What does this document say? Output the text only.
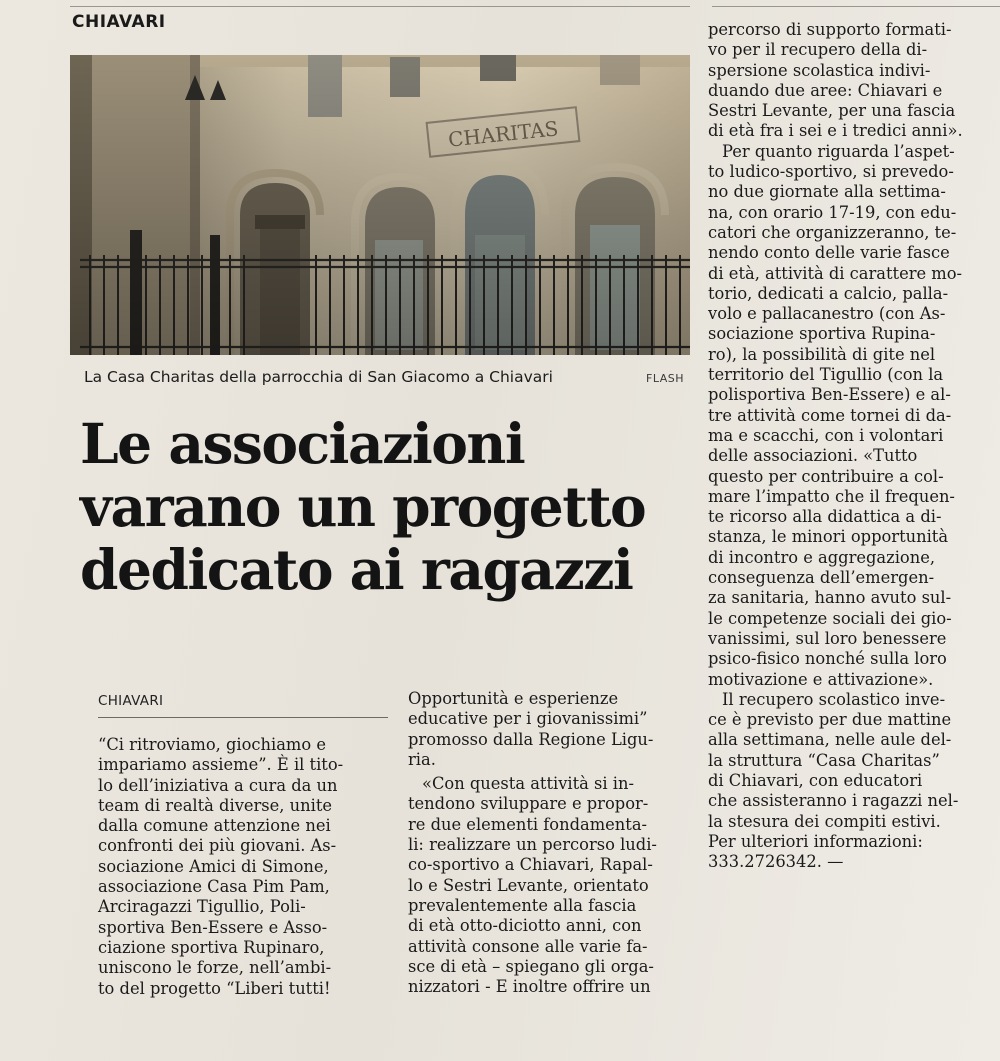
CHIAVARI
La Casa Charitas della parrocchia di San Giacomo a Chiavari	FLASH
Le associazioni
varano un progetto
dedicato ai ragazzi
CHIAVARI
“Ci ritroviamo, giochiamo e
impariamo assieme”. È il tito-
lo dell’iniziativa a cura da un
team di realtà diverse, unite
dalla comune attenzione nei
confronti dei più giovani. As-
sociazione Amici di Simone,
associazione Casa Pim Pam,
Arciragazzi Tigullio, Poli-
sportiva Ben-Essere e Asso-
ciazione sportiva Rupinaro,
uniscono le forze, nell’ambi-
to del progetto “Liberi tutti!
Opportunità e esperienze
educative per i giovanissimi”
promosso dalla Regione Ligu-
ria.
«Con questa attività si in-
tendono sviluppare e propor-
re due elementi fondamenta-
li: realizzare un percorso ludi-
co-sportivo a Chiavari, Rapal-
lo e Sestri Levante, orientato
prevalentemente alla fascia
di età otto-diciotto anni, con
attività consone alle varie fa-
sce di età – spiegano gli orga-
nizzatori - E inoltre offrire un
percorso di supporto formati-
vo per il recupero della di-
spersione scolastica indivi-
duando due aree: Chiavari e
Sestri Levante, per una fascia
di età fra i sei e i tredici anni».
Per quanto riguarda l’aspet-
to ludico-sportivo, si prevedo-
no due giornate alla settima-
na, con orario 17-19, con edu-
catori che organizzeranno, te-
nendo conto delle varie fasce
di età, attività di carattere mo-
torio, dedicati a calcio, palla-
volo e pallacanestro (con As-
sociazione sportiva Rupina-
ro), la possibilità di gite nel
territorio del Tigullio (con la
polisportiva Ben-Essere) e al-
tre attività come tornei di da-
ma e scacchi, con i volontari
delle associazioni. «Tutto
questo per contribuire a col-
mare l’impatto che il frequen-
te ricorso alla didattica a di-
stanza, le minori opportunità
di incontro e aggregazione,
conseguenza dell’emergen-
za sanitaria, hanno avuto sul-
le competenze sociali dei gio-
vanissimi, sul loro benessere
psico-fisico nonché sulla loro
motivazione e attivazione».
Il recupero scolastico inve-
ce è previsto per due mattine
alla settimana, nelle aule del-
la struttura “Casa Charitas”
di Chiavari, con educatori
che assisteranno i ragazzi nel-
la stesura dei compiti estivi.
Per ulteriori informazioni:
333.2726342. —
